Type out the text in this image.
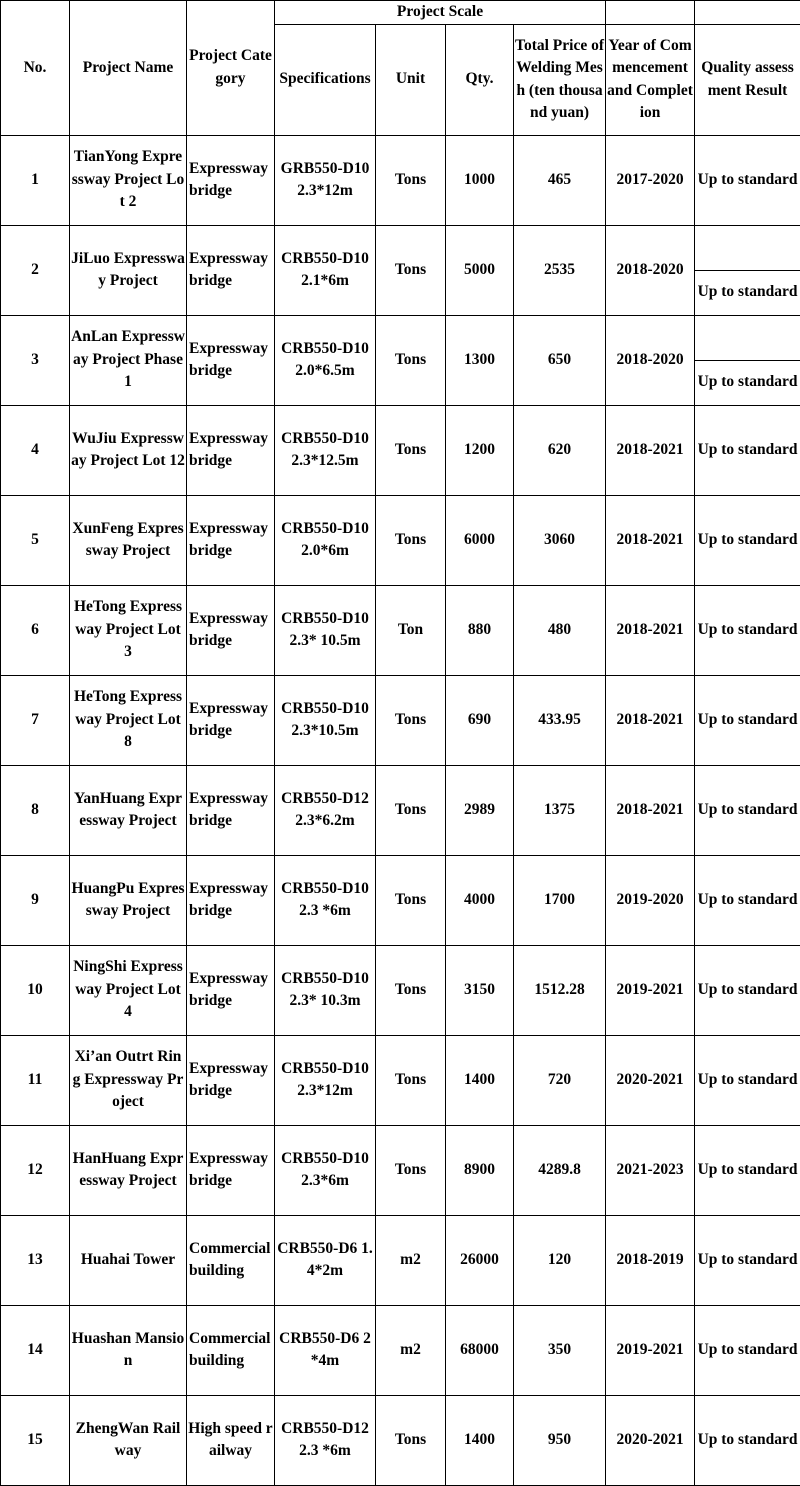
No.	Project Name	Project Category	Project Scale					
			Specifications	Unit	Qty.	Total Price of Welding Mesh (ten thousand yuan)	Year of Commencement and Completion	Quality assessment Result
1	TianYong Expressway Project Lot 2	Expressway bridge	GRB550-D10 2.3*12m	Tons	1000	465	2017-2020	Up to standard
2	JiLuo Expressway Project	Expressway bridge	CRB550-D10 2.1*6m	Tons	5000	2535	2018-2020	
								Up to standard
3	AnLan Expressway Project Phase 1	Expressway bridge	CRB550-D10 2.0*6.5m	Tons	1300	650	2018-2020	
								Up to standard
4	WuJiu Expressway Project Lot 12	Expressway bridge	CRB550-D10 2.3*12.5m	Tons	1200	620	2018-2021	Up to standard
5	XunFeng Expressway Project	Expressway bridge	CRB550-D10 2.0*6m	Tons	6000	3060	2018-2021	Up to standard
6	HeTong Expressway Project Lot 3	Expressway bridge	CRB550-D10 2.3* 10.5m	Ton	880	480	2018-2021	Up to standard
7	HeTong Expressway Project Lot 8	Expressway bridge	CRB550-D10 2.3*10.5m	Tons	690	433.95	2018-2021	Up to standard
8	YanHuang Expressway Project	Expressway bridge	CRB550-D12 2.3*6.2m	Tons	2989	1375	2018-2021	Up to standard
9	HuangPu Expressway Project	Expressway bridge	CRB550-D10 2.3 *6m	Tons	4000	1700	2019-2020	Up to standard
10	NingShi Expressway Project Lot 4	Expressway bridge	CRB550-D10 2.3* 10.3m	Tons	3150	1512.28	2019-2021	Up to standard
11	Xi’an Outrt Ring Expressway Project	Expressway bridge	CRB550-D10 2.3*12m	Tons	1400	720	2020-2021	Up to standard
12	HanHuang Expressway Project	Expressway bridge	CRB550-D10 2.3*6m	Tons	8900	4289.8	2021-2023	Up to standard
13	Huahai Tower	Commercial building	CRB550-D6 1.4*2m	m2	26000	120	2018-2019	Up to standard
14	Huashan Mansion	Commercial building	CRB550-D6 2*4m	m2	68000	350	2019-2021	Up to standard
15	ZhengWan Railway	High speed railway	CRB550-D12 2.3 *6m	Tons	1400	950	2020-2021	Up to standard
